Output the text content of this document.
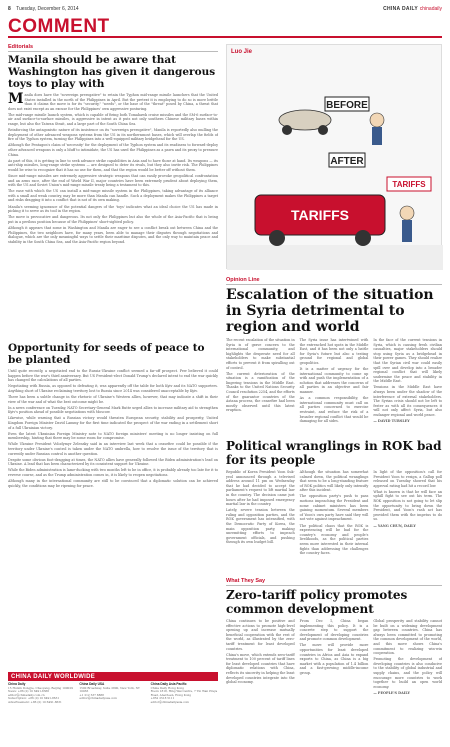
8 Tuesday, December 6, 2014	CHINA DAILY chinadaily
COMMENT
Editorials
Manila should be aware that Washington has given it dangerous toys to play with

Manila does have the "sovereign prerogative" to retain the Typhon mid-range missile launchers that the United States installed in the north of the Philippines in April. But the pretext it is employing to do so is more brittle than it claims the move is for its "security," "needs", or the base of the "threat" posed by China, a threat that does not exist except as an excuse for the Philippines' own aggressive posturing.

The mid-range missile launch system, which is capable of firing both Tomahawk cruise missiles and the SM-6 surface-to-air and surface-to-surface missiles, is aggressive in intent as it puts not only southern Chinese military bases within range, but also the Taiwan Strait, and a large part of the South China Sea.

Reinforcing the antagonistic nature of its insistence on its "sovereign prerogative", Manila is reportedly also mulling the deployment of other advanced weapons systems from the US in its northernmost bases, which will overlap the fields of fire of the Typhon system, turning the Philippines into a well-equipped military bridgehead for the US.

Although the Pentagon's claim of 'necessity' for the deployment of the Typhon system and its readiness to forward-deploy other advanced weapons is only a bluff to intimidate, the US has used the Philippines as a pawn and its proxy to pressure China.

As part of this, it is getting in line to seek advance strike capabilities in Asia and to have those at hand. Its weapons — its anti-ship missiles, long-range strike systems — are designed to deter its rivals, but they also invite risk. The Philippines would be wise to recognize that it has no use for them, and that the region would be better off without them.

Since mid-range missiles are extremely aggressive strategic weapons that can easily provoke geopolitical confrontation and an arms race, after the end of World War II, major countries have been extremely prudent about deploying them, with the US and Soviet Union's mid-range missile treaty being a testament to this.

The ease with which the US can install a mid-range missile system in the Philippines, taking advantage of its alliance with a small and weak country, may be more than Manila can handle. Such a deployment makes the Philippines a target and risks dragging it into a conflict that is not of its own making.

Manila's seeming ignorance of the potential dangers of the 'toys' indicates what an ideal choice the US has made in picking it to serve as its tool in the region.

The move is provocative and dangerous. Its not only the Philippines but also the whole of the Asia-Pacific that is being put in a perilous position because of the Philippines' short-sighted policy.

Although it appears that some in Washington and Manila are eager to see a conflict break out between China and the Philippines, the two neighbors have, for many years, been able to manage their disputes through negotiations and dialogue, which are the only meaningful ways to settle their maritime disputes, and the only way to maintain peace and stability in the South China Sea, and the Asia-Pacific region beyond.

Opportunity for seeds of peace to be planted

Until quite recently, a negotiated end to the Russia-Ukraine conflict seemed a far-off prospect. Few believed it could happen before the war's third anniversary. But US President-elect Donald Trump's declared intent to end the war quickly has changed the calculations of all parties.

Negotiating with Russia, as opposed to defeating it, was apparently off the table for both Kyiv and its NATO supporters. Anything short of Ukraine reclaiming territory lost to Russia since 2014 was considered unacceptable by Kyiv.

There has been a subtle change in the rhetoric of Ukraine's Western allies, however, that may indicate a shift in their view of the war and of what the best outcome might be.

In a news conference on Tuesday, NATO Secretary-General Mark Rutte urged allies to increase military aid to strengthen Kyiv's position ahead of possible negotiations with Moscow.

Likewise, while warning that a Russian victory would threaten European security, stability and prosperity, United Kingdom Foreign Minister David Lammy for the first time indicated the prospect of the war ending in a settlement short of a full Ukrainian victory.

Even the latest Ukrainian Foreign Ministry note to NATO foreign ministers' meeting is no longer insisting on full membership, hinting that there may be some room for compromise.

While Ukraine President Volodymyr Zelensky said in an interview last week that a ceasefire could be possible if the territory under Ukraine's control is taken under the NATO umbrella, how to resolve the issue of the territory that is currently under Russian control is another question.

Despite some obvious foot-dragging at times, the NATO allies have generally followed the Biden administration's lead on Ukraine. A lead that has been characterized by its consistent support for Ukraine.

While the Biden administration is lame-ducking with two months left to be in office, it is probably already too late for it to reverse course, and as the Trump administration comes in, it is likely to reopen negotiations.

Although many in the international community are still to be convinced that a diplomatic solution can be achieved quickly, the conditions may be ripening for peace.

CHINA DAILY WORLDWIDE
China Daily
15 Huixin Dongjie, Chaoyang, Beijing 100029
News: +86 (0) 10 6491-8366
editor@chinadaily.com.cn
Subscription: +86 (0) 10 6491-8631
Advertisement: +86 (0) 10 6491-8631
China Daily USA
1500 Broadway, Suite 2800, New York, NY 10036
+1 212 537 8888
editor@chinadailyusa.com
China Daily Asia Pacific
China Daily Hong Kong
Room 1818, Hing Wai Centre, 7 Tin Wan Praya Road, Aberdeen, Hong Kong
+852 2518 5111
editor@chinadailyasia.com
Luo Jie
BEFORE
AFTER
TARIFFS
TARIFFS
Opinion Line
Escalation of the situation in Syria detrimental to region and world

The recent escalation of the situation in Syria is of grave concern to the international community, and highlights the desperate need for all stakeholders to make substantial efforts to prevent it from spiralling out of control.

The current deterioration of the situation is a ramification of the lingering tensions in the Middle East. Thanks to the United Nations Security Council resolution 2254, and the efforts of the guarantor countries of the Astana process, the ceasefire had been mostly observed until this latest eruption.

The Syria issue has intertwined with the entrenched hot spots in the Middle East, and it has been not only a battle for Syria's future but also a testing ground for regional and global geopolitics.

It is a matter of urgency for the international community to come up with and push the implementation of a solution that addresses the concerns of all parties in an objective and fair manner.

As a common responsibility, the international community must call on all parties concerned to exercise restraint, and reduce the risk of a broader regional conflict that would be damaging for all sides.

In the face of the current tensions in Syria, which is causing fresh civilian casualties, major stakeholders should stop using Syria as a bridgehead in their power games. They should realize that the Syrian civil war could easily spill over and develop into a broader regional conflict that will likely undermine the peace and stability in the Middle East.

Tensions in the Middle East have always been under the shadow of the interference of external stakeholders. The Syrian crisis should not be left to fester as with all its consequences it will not only affect Syria, but also endanger regional and world peace.

— DAVID TURSLEY

Political wranglings in ROK bad for its people

Republic of Korea President Yoon Suk-yeol announced through a televised address around 11 pm on Wednesday that he had decided to accept the parliament's request to lift martial law in the country. The decision came just hours after he had imposed emergency martial law in the country.

Lately, severe tension between the ruling and opposition parties, and the ROK government has intensified, with the Democratic Party of Korea, the main opposition party, making unremitting efforts to impeach government officials, and pushing through its own budget bill.

Although the situation has somewhat calmed down, the political wranglings that seem to be a long-standing feature of ROK politics will likely only intensify after this incident.

The opposition party's push to pass motions impeaching the President and some cabinet ministers has been gaining momentum. Several members of Yoon's own party have said they will not vote against impeachment.

The political chaos that the ROK is experiencing will be bad for the country's economy and people's livelihoods, as the political parties seem more interested in their internal fights than addressing the challenges the country faces.

In light of the opposition's call for President Yoon to resign, a Gallup poll released on Tuesday showed that his approval rating had hit a record low.

What is known is that he will face an uphill fight to see out his term. The ROK opposition is not going to let slip the opportunity to bring down the President, and Yoon's rash act has provided them with the impetus to do so.

— YANG CHUN, DAILY

What They Say
Zero-tariff policy promotes common development

China continues to be positive and effective actions to promote high-level opening up and increase mutually beneficial cooperation with the rest of the world, as illustrated by the zero-tariff treatment for least developed countries.

China's move, which extends zero-tariff treatment to 100 percent of tariff lines for least developed countries that have diplomatic relations with China, reflects its sincerity in helping the least developed countries integrate into the global economy.

From Dec 1, China began implementing this policy. It is a concrete step to support the development of developing countries and promote common development.

The move will provide more opportunities for least developed countries in Africa and Asia to expand exports to China, as China is a big market with a population of 1.4 billion and a fast-growing middle-income group.

Global prosperity and stability cannot be built on a widening development gap between countries. China has always been committed to promoting the common development of the world, and this move shows China's commitment to realizing win-win cooperation.

Promoting the development of developing countries is also conducive to the stability of global industrial and supply chains, and the policy will encourage more countries to work together to build an open world economy.

— PEOPLE'S DAILY
